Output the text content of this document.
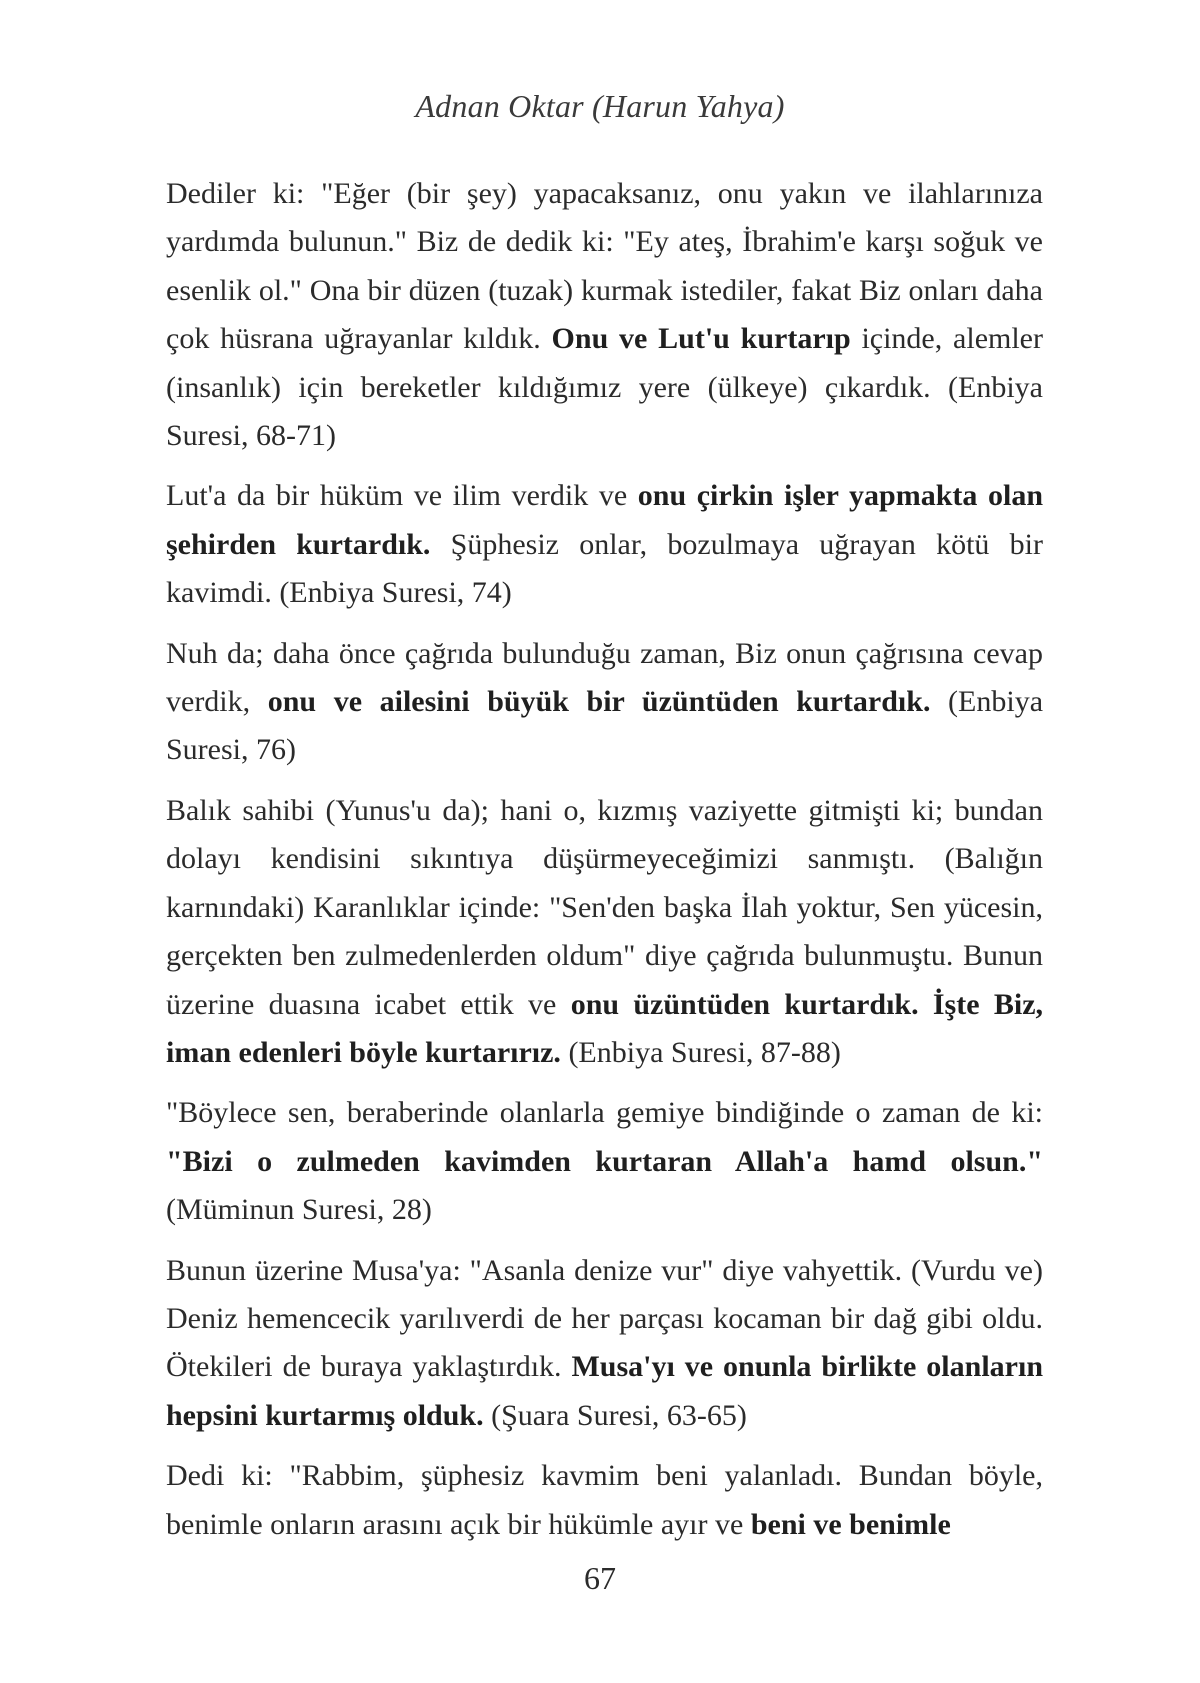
Adnan Oktar (Harun Yahya)

Dediler ki: "Eğer (bir şey) yapacaksanız, onu yakın ve ilahlarınıza yardımda bulunun." Biz de dedik ki: "Ey ateş, İbrahim'e karşı soğuk ve esenlik ol." Ona bir düzen (tuzak) kurmak istediler, fakat Biz onları daha çok hüsrana uğrayanlar kıldık. Onu ve Lut'u kurtarıp içinde, alemler (insanlık) için bereketler kıldığımız yere (ülkeye) çıkardık. (Enbiya Suresi, 68-71)

Lut'a da bir hüküm ve ilim verdik ve onu çirkin işler yapmakta olan şehirden kurtardık. Şüphesiz onlar, bozulmaya uğrayan kötü bir kavimdi. (Enbiya Suresi, 74)

Nuh da; daha önce çağrıda bulunduğu zaman, Biz onun çağrısına cevap verdik, onu ve ailesini büyük bir üzüntüden kurtardık. (Enbiya Suresi, 76)

Balık sahibi (Yunus'u da); hani o, kızmış vaziyette gitmişti ki; bundan dolayı kendisini sıkıntıya düşürmeyeceğimizi sanmıştı. (Balığın karnındaki) Karanlıklar içinde: "Sen'den başka İlah yoktur, Sen yücesin, gerçekten ben zulmedenlerden oldum" diye çağrıda bulunmuştu. Bunun üzerine duasına icabet ettik ve onu üzüntüden kurtardık. İşte Biz, iman edenleri böyle kurtarırız. (Enbiya Suresi, 87-88)

"Böylece sen, beraberinde olanlarla gemiye bindiğinde o zaman de ki: "Bizi o zulmeden kavimden kurtaran Allah'a hamd olsun." (Müminun Suresi, 28)

Bunun üzerine Musa'ya: "Asanla denize vur" diye vahyettik. (Vurdu ve) Deniz hemencecik yarılıverdi de her parçası kocaman bir dağ gibi oldu. Ötekileri de buraya yaklaştırdık. Musa'yı ve onunla birlikte olanların hepsini kurtarmış olduk. (Şuara Suresi, 63-65)

Dedi ki: "Rabbim, şüphesiz kavmim beni yalanladı. Bundan böyle, benimle onların arasını açık bir hükümle ayır ve beni ve benimle

67
